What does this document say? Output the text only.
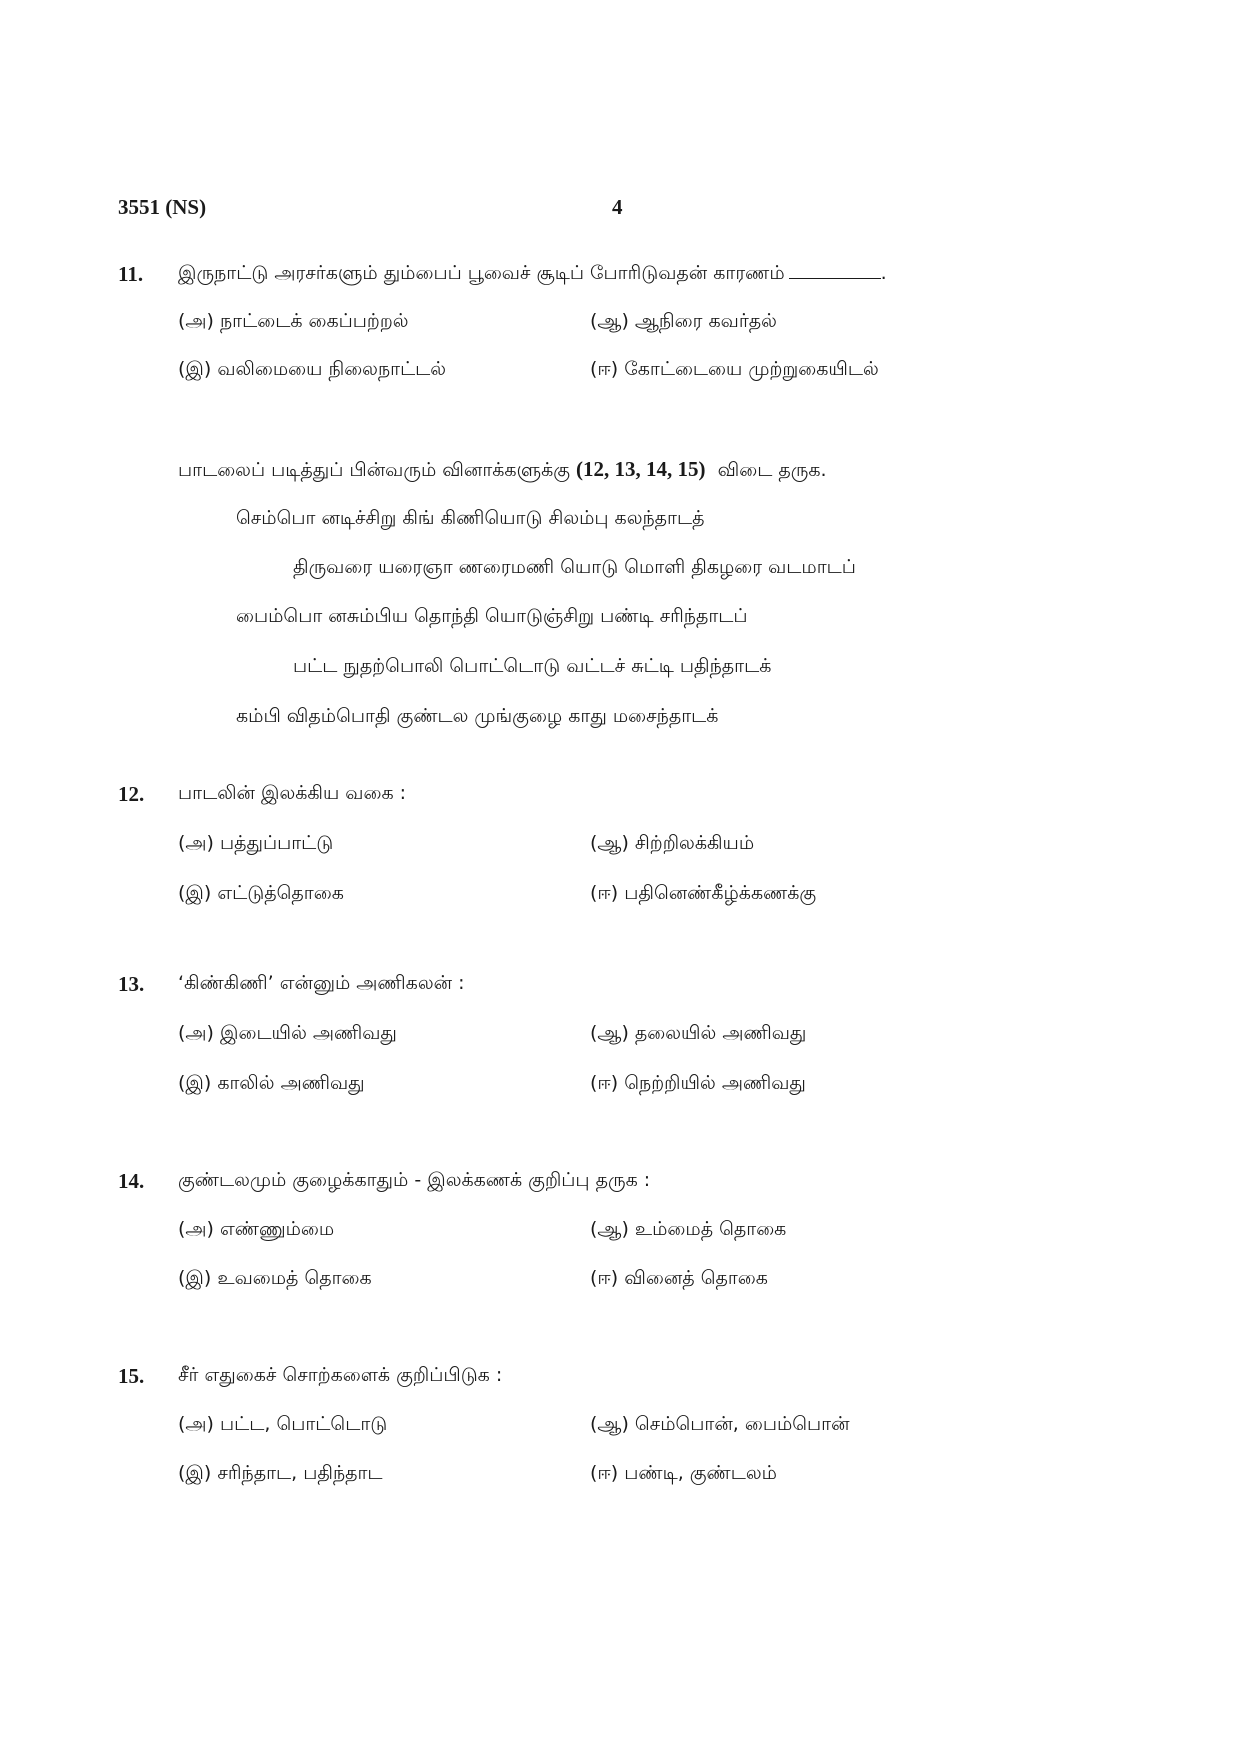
3551 (NS)	4
11. இருநாட்டு அரசர்களும் தும்பைப் பூவைச் சூடிப் போரிடுவதன் காரணம்	.
(அ) நாட்டைக் கைப்பற்றல்	(ஆ) ஆநிரை கவர்தல்
(இ) வலிமையை நிலைநாட்டல்	(ஈ) கோட்டையை முற்றுகையிடல்
பாடலைப் படித்துப் பின்வரும் வினாக்களுக்கு (12, 13, 14, 15) விடை தருக.
செம்பொ னடிச்சிறு கிங் கிணியொடு சிலம்பு கலந்தாடத்
திருவரை யரைஞா ணரைமணி யொடு மொளி திகழரை வடமாடப்
பைம்பொ னசும்பிய தொந்தி யொடுஞ்சிறு பண்டி சரிந்தாடப்
பட்ட நுதற்பொலி பொட்டொடு வட்டச் சுட்டி பதிந்தாடக்
கம்பி விதம்பொதி குண்டல முங்குழை காது மசைந்தாடக்
12. பாடலின் இலக்கிய வகை :
(அ) பத்துப்பாட்டு	(ஆ) சிற்றிலக்கியம்
(இ) எட்டுத்தொகை	(ஈ) பதினெண்கீழ்க்கணக்கு
13. ‘கிண்கிணி’ என்னும் அணிகலன் :
(அ) இடையில் அணிவது	(ஆ) தலையில் அணிவது
(இ) காலில் அணிவது	(ஈ) நெற்றியில் அணிவது
14. குண்டலமும் குழைக்காதும் - இலக்கணக் குறிப்பு தருக :
(அ) எண்ணும்மை	(ஆ) உம்மைத் தொகை
(இ) உவமைத் தொகை	(ஈ) வினைத் தொகை
15. சீர் எதுகைச் சொற்களைக் குறிப்பிடுக :
(அ) பட்ட, பொட்டொடு	(ஆ) செம்பொன், பைம்பொன்
(இ) சரிந்தாட, பதிந்தாட	(ஈ) பண்டி, குண்டலம்
